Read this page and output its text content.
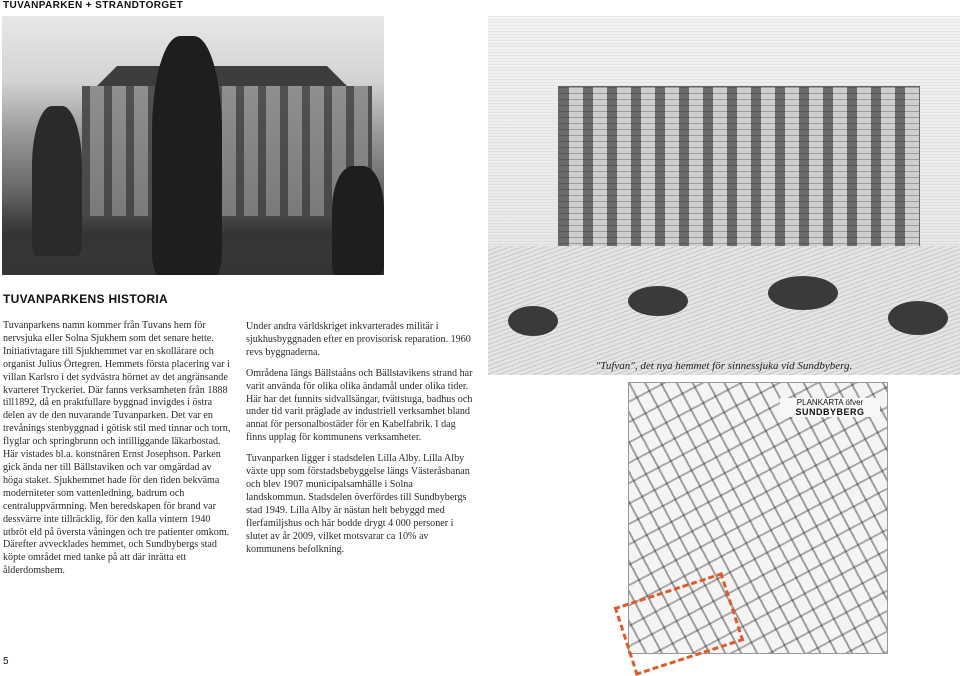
TUVANPARKEN + STRANDTORGET
"Tufvan", det nya hemmet för sinnessjuka vid Sundbyberg.
PLANKARTA öfver
SUNDBYBERG
TUVANPARKENS HISTORIA

Tuvanparkens namn kommer från Tuvans hem för nervsjuka eller Solna Sjukhem som det senare hette. Initiativtagare till Sjukhemmet var en skollärare och organist Julius Örtegren. Hemmets första placering var i villan Karlsro i det sydvästra hörnet av det angränsande kvarteret Tryckeriet. Där fanns verksamheten från 1888 till1892, då en praktfullare byggnad invigdes i östra delen av de den nuvarande Tuvanparken. Det var en trevånings stenbyggnad i götisk stil med tinnar och torn, flyglar och springbrunn och intilliggande läkarbostad. Här vistades bl.a. konstnären Ernst Josephson. Parken gick ända ner till Bällstaviken och var omgärdad av höga staket. Sjukhemmet hade för den tiden bekväma moderniteter som vattenledning, badrum och centraluppvärmning. Men beredskapen för brand var dessvärre inte tillräcklig, för den kalla vintern 1940 utbröt eld på översta våningen och tre patienter omkom. Därefter avvecklades hemmet, och Sundbybergs stad köpte området med tanke på att där inrätta ett ålderdomshem.

Under andra världskriget inkvarterades militär i sjukhusbyggnaden efter en provisorisk reparation. 1960 revs byggnaderna.

Områdena längs Bällstaåns och Bällstavikens strand har varit använda för olika olika ändamål under olika tider. Här har det funnits sidvallsängar, tvättstuga, badhus och under tid varit präglade av industriell verksamhet bland annat för personalbostäder för en Kabelfabrik. I dag finns upplag för kommunens verksamheter.

Tuvanparken ligger i stadsdelen Lilla Alby. Lilla Alby växte upp som förstadsbebyggelse längs Västeråsbanan och blev 1907 municipalsamhälle i Solna landskommun. Stadsdelen överfördes till Sundbybergs stad 1949. Lilla Alby är nästan helt bebyggd med flerfamiljshus och här bodde drygt 4 000 personer i slutet av år 2009, vilket motsvarar ca 10% av kommunens befolkning.

5
